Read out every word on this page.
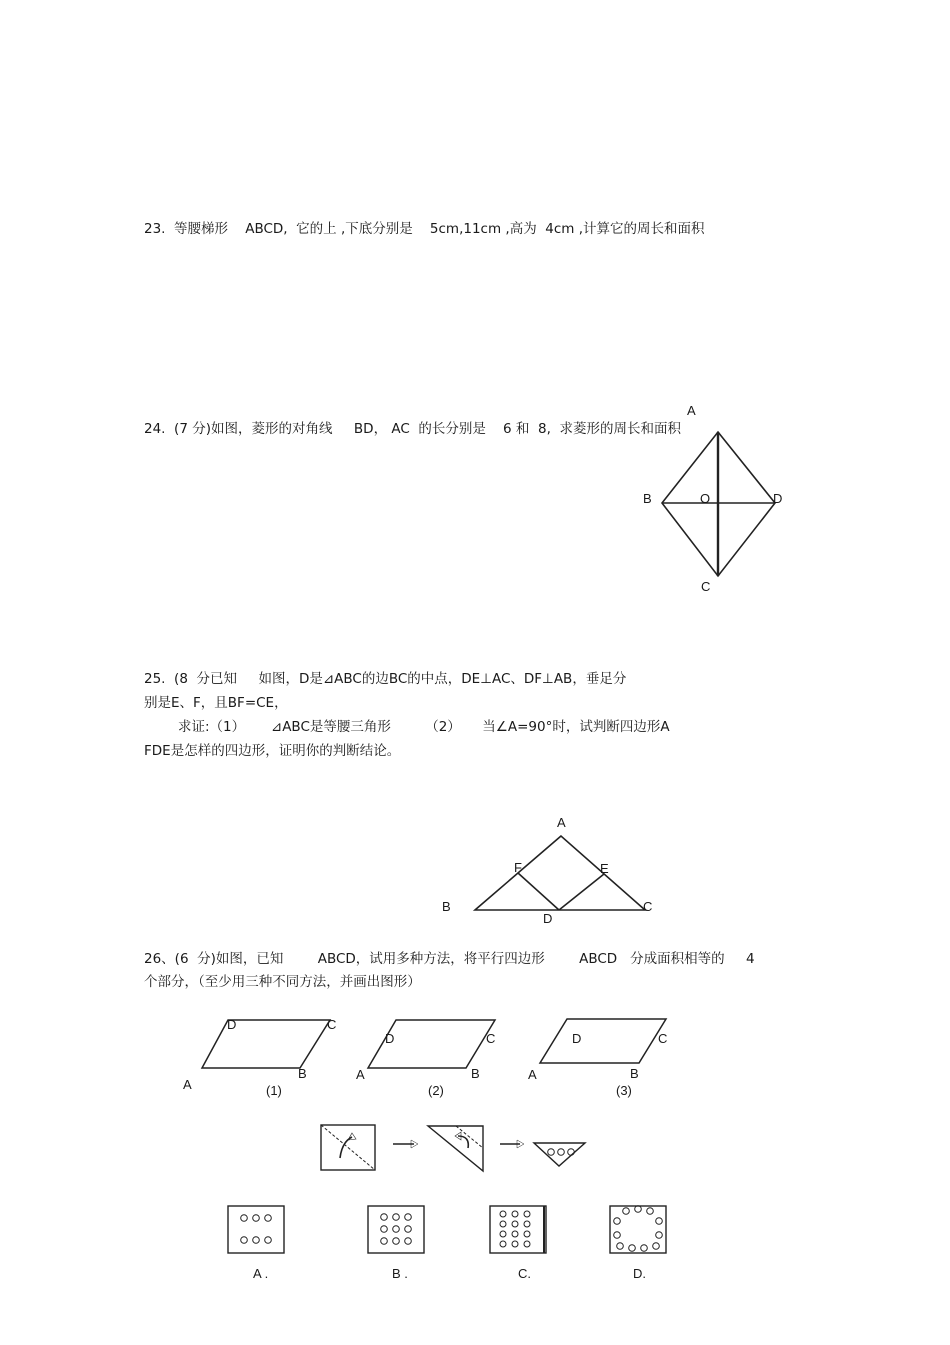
23.  等腰梯形    ABCD,  它的上 ,下底分别是    5cm,11cm ,高为  4cm ,计算它的周长和面积
24.  (7 分)如图，菱形的对角线     BD， AC  的长分别是    6 和  8,  求菱形的周长和面积
A
B	O	D
C
25.  (8  分已知     如图，D是⊿ABC的边BC的中点，DE⊥AC、DF⊥AB，垂足分
别是E、F，且BF=CE，
求证:（1）      ⊿ABC是等腰三角形        （2）     当∠A=90°时，试判断四边形A
FDE是怎样的四边形，证明你的判断结论。
A
F	E
B
D
C
26、(6  分)如图，已知        ABCD，试用多种方法，将平行四边形        ABCD   分成面积相等的     4
个部分，（至少用三种不同方法，并画出图形）
D	C
A
B
(1)
D	C
A	B
(2)
D	C
A	B
(3)
A .	B .	C.	D.
